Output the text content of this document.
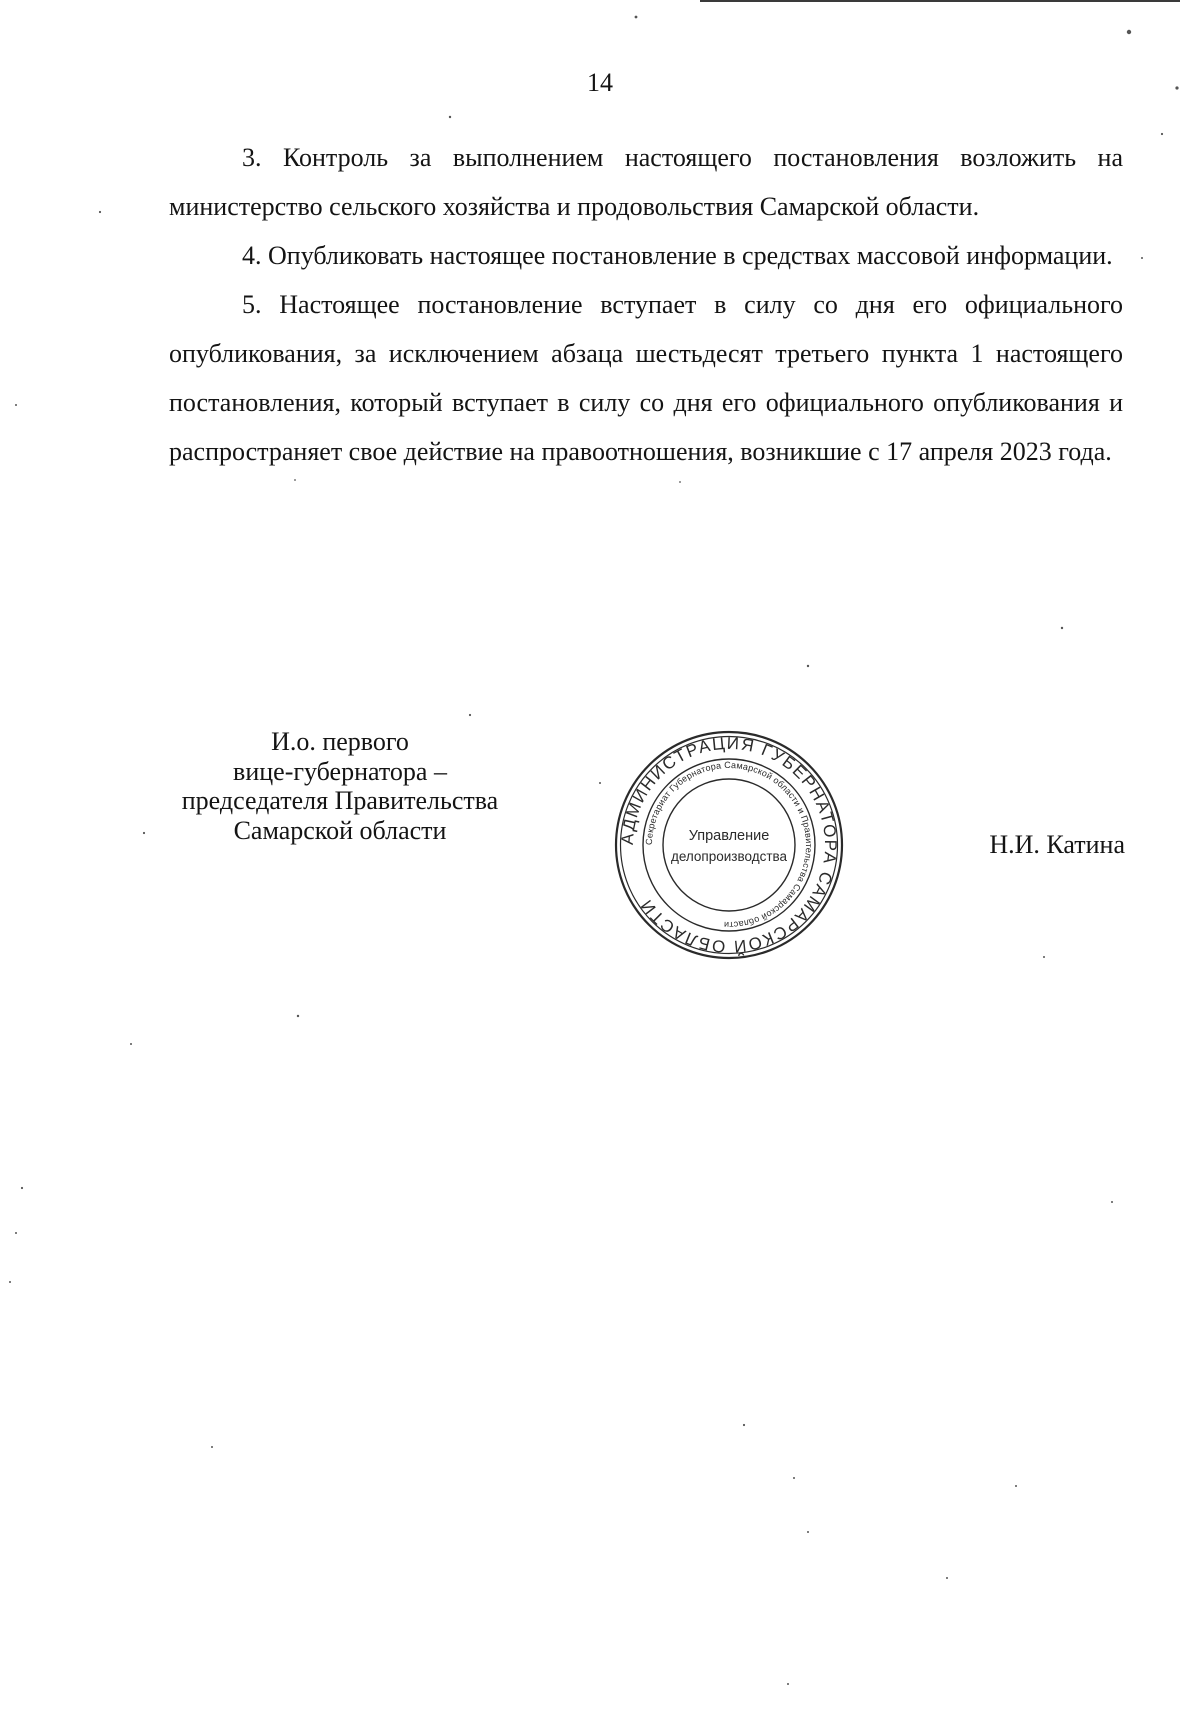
14

3. Контроль за выполнением настоящего постановления возложить на министерство сельского хозяйства и продовольствия Самарской области.

4. Опубликовать настоящее постановление в средствах массовой информации.

5. Настоящее постановление вступает в силу со дня его официального опубликования, за исключением абзаца шестьдесят третьего пункта 1 настоящего постановления, который вступает в силу со дня его официального опубликования и распространяет свое действие на правоотношения, возникшие с 17 апреля 2023 года.

И.о. первого
вице-губернатора –
председателя Правительства
Самарской области	Н.И. Катина
АДМИНИСТРАЦИЯ ГУБЕРНАТОРА САМАРСКОЙ ОБЛАСТИ
Секретариат Губернатора Самарской области и Правительства Самарской области
Управление
делопроизводства
